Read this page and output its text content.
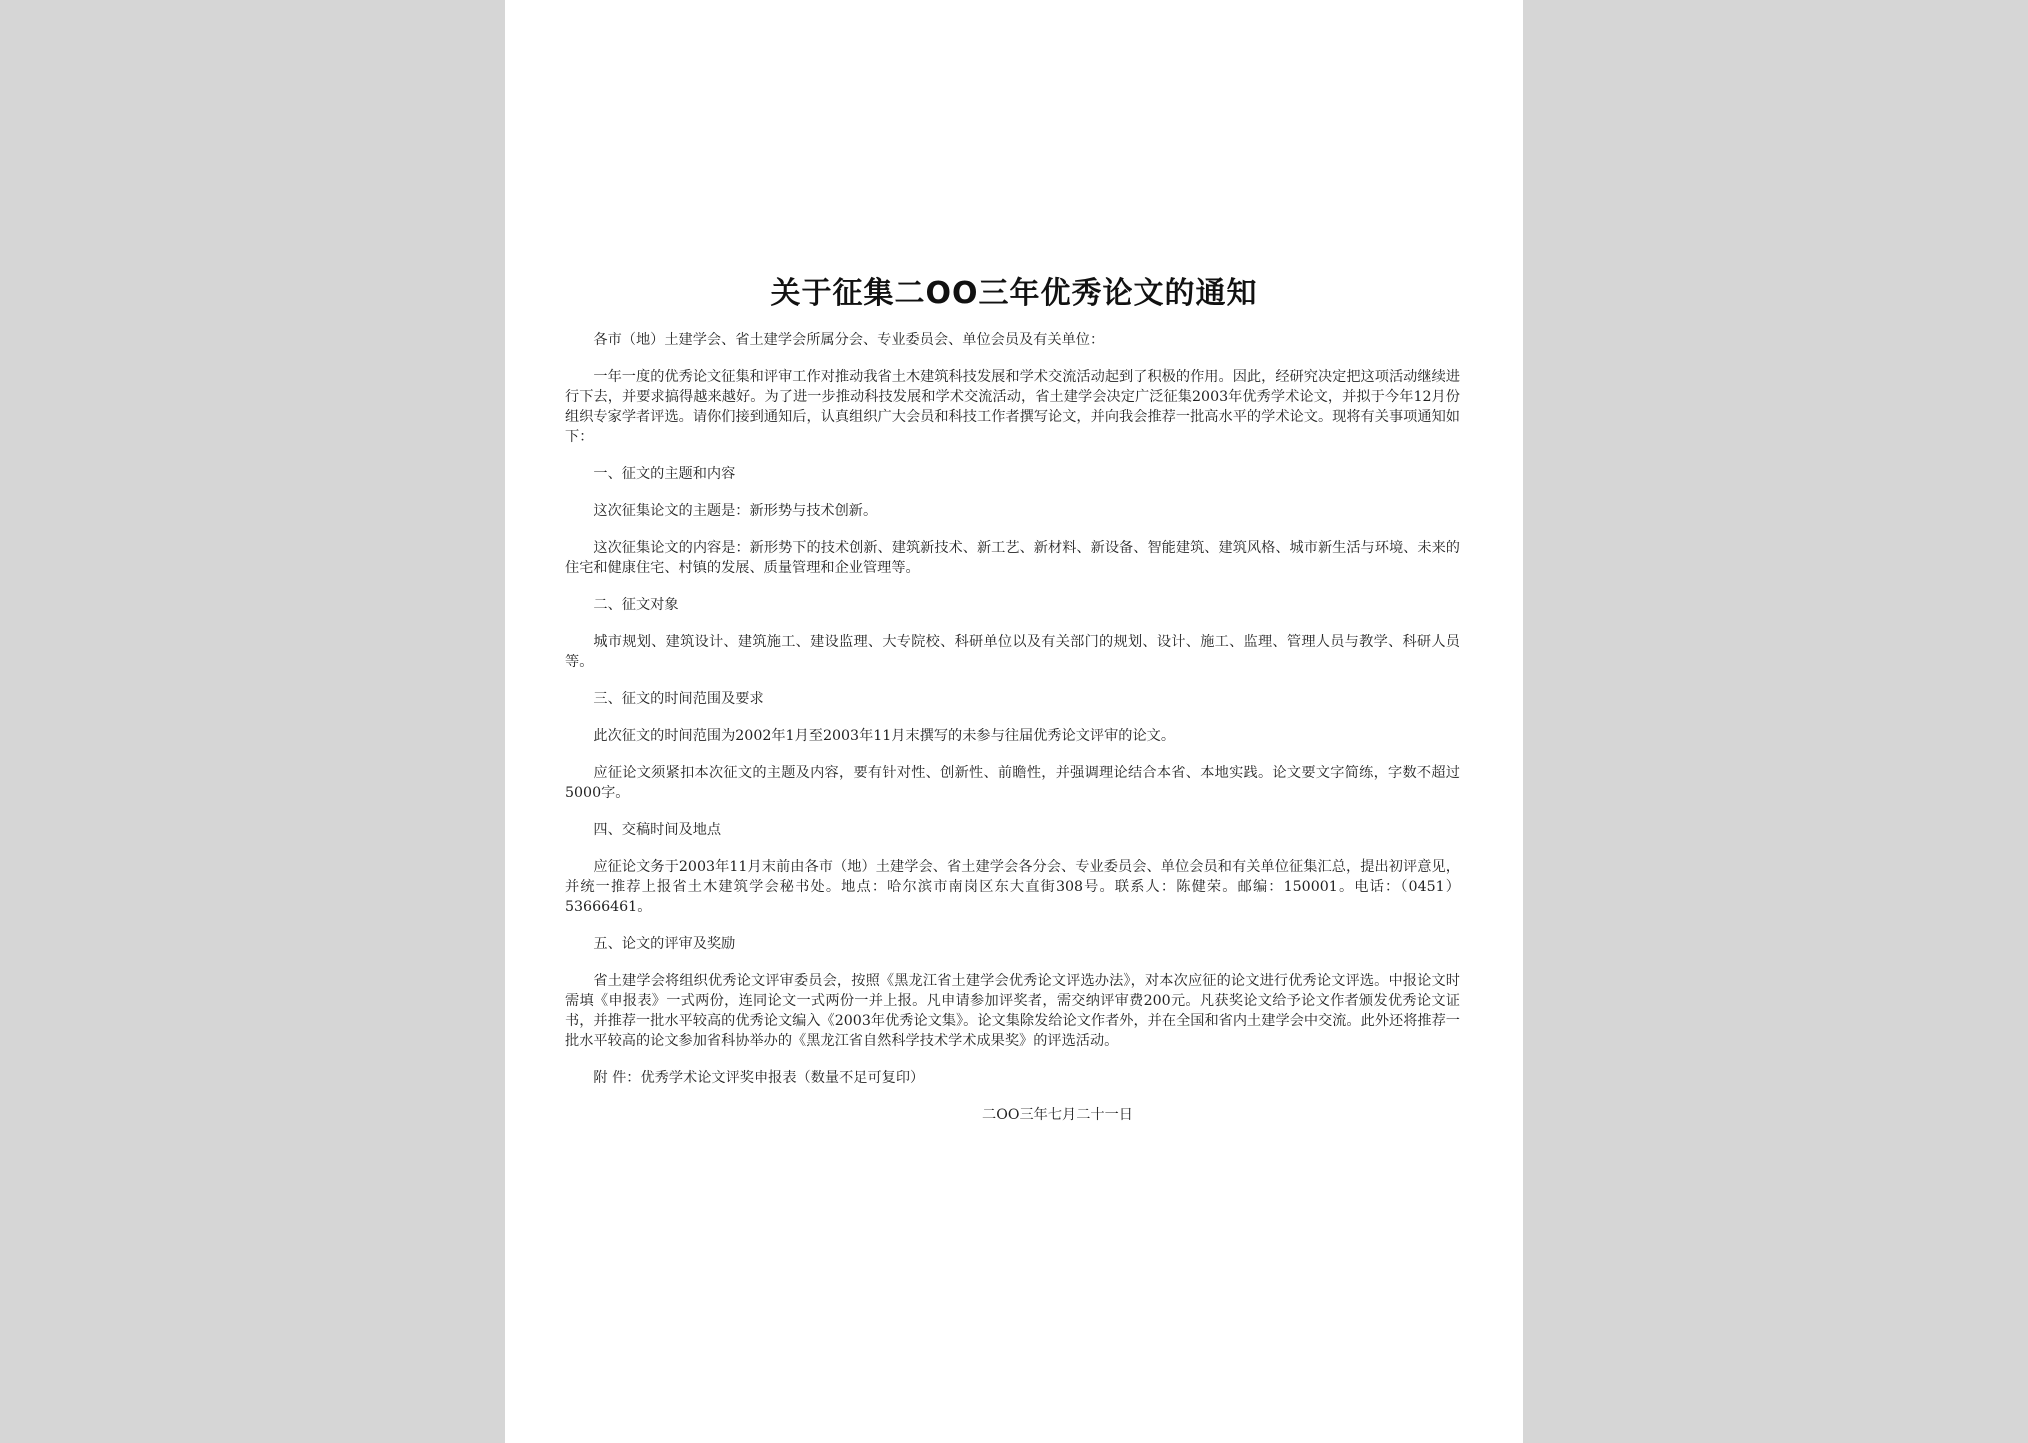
关于征集二OO三年优秀论文的通知

各市（地）土建学会、省土建学会所属分会、专业委员会、单位会员及有关单位：

一年一度的优秀论文征集和评审工作对推动我省土木建筑科技发展和学术交流活动起到了积极的作用。因此，经研究决定把这项活动继续进行下去，并要求搞得越来越好。为了进一步推动科技发展和学术交流活动，省土建学会决定广泛征集2003年优秀学术论文，并拟于今年12月份组织专家学者评选。请你们接到通知后，认真组织广大会员和科技工作者撰写论文，并向我会推荐一批高水平的学术论文。现将有关事项通知如下：

一、征文的主题和内容

这次征集论文的主题是：新形势与技术创新。

这次征集论文的内容是：新形势下的技术创新、建筑新技术、新工艺、新材料、新设备、智能建筑、建筑风格、城市新生活与环境、未来的住宅和健康住宅、村镇的发展、质量管理和企业管理等。

二、征文对象

城市规划、建筑设计、建筑施工、建设监理、大专院校、科研单位以及有关部门的规划、设计、施工、监理、管理人员与教学、科研人员等。

三、征文的时间范围及要求

此次征文的时间范围为2002年1月至2003年11月末撰写的未参与往届优秀论文评审的论文。

应征论文须紧扣本次征文的主题及内容，要有针对性、创新性、前瞻性，并强调理论结合本省、本地实践。论文要文字简练，字数不超过5000字。

四、交稿时间及地点

应征论文务于2003年11月末前由各市（地）土建学会、省土建学会各分会、专业委员会、单位会员和有关单位征集汇总，提出初评意见，并统一推荐上报省土木建筑学会秘书处。地点：哈尔滨市南岗区东大直街308号。联系人：陈健荣。邮编：150001。电话：（0451）53666461。

五、论文的评审及奖励

省土建学会将组织优秀论文评审委员会，按照《黑龙江省土建学会优秀论文评选办法》，对本次应征的论文进行优秀论文评选。中报论文时需填《申报表》一式两份，连同论文一式两份一并上报。凡申请参加评奖者，需交纳评审费200元。凡获奖论文给予论文作者颁发优秀论文证书，并推荐一批水平较高的优秀论文编入《2003年优秀论文集》。论文集除发给论文作者外，并在全国和省内土建学会中交流。此外还将推荐一批水平较高的论文参加省科协举办的《黑龙江省自然科学技术学术成果奖》的评选活动。

附 件：优秀学术论文评奖申报表（数量不足可复印）

二OO三年七月二十一日
